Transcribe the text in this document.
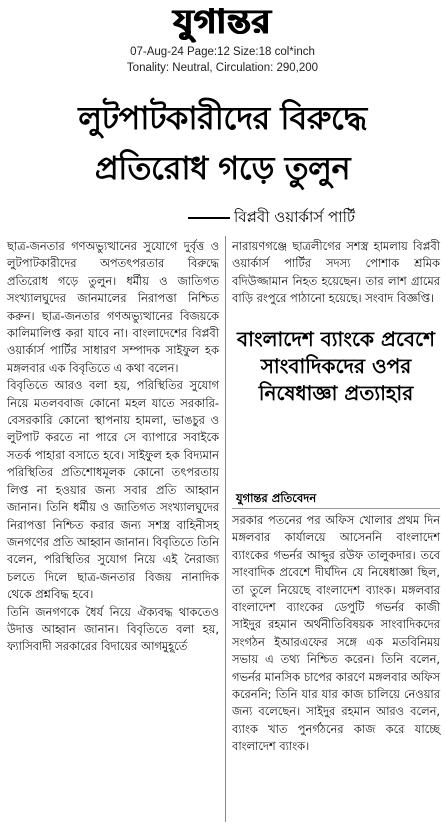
যুগান্তর
07-Aug-24 Page:12 Size:18 col*inch
Tonality: Neutral, Circulation: 290,200
লুটপাটকারীদের বিরুদ্ধে
প্রতিরোধ গড়ে তুলুন
বিপ্লবী ওয়ার্কার্স পার্টি

ছাত্র-জনতার গণঅভ্যুত্থানের সুযোগে দুর্বৃত্ত ও লুটপাটকারীদের অপতৎপরতার বিরুদ্ধে প্রতিরোধ গড়ে তুলুন। ধর্মীয় ও জাতিগত সংখ্যালঘুদের জানমালের নিরাপত্তা নিশ্চিত করুন। ছাত্র-জনতার গণঅভ্যুত্থানের বিজয়কে কালিমালিপ্ত করা যাবে না। বাংলাদেশের বিপ্লবী ওয়ার্কার্স পার্টির সাধারণ সম্পাদক সাইফুল হক মঙ্গলবার এক বিবৃতিতে এ কথা বলেন।

বিবৃতিতে আরও বলা হয়, পরিস্থিতির সুযোগ নিয়ে মতলববাজ কোনো মহল যাতে সরকারি-বেসরকারি কোনো স্থাপনায় হামলা, ভাঙচুর ও লুটপাট করতে না পারে সে ব্যাপারে সবাইকে সতর্ক পাহারা বসাতে হবে। সাইফুল হক বিদ্যমান পরিস্থিতির প্রতিশোধমূলক কোনো তৎপরতায় লিপ্ত না হওয়ার জন্য সবার প্রতি আহ্বান জানান। তিনি ধর্মীয় ও জাতিগত সংখ্যালঘুদের নিরাপত্তা নিশ্চিত করার জন্য সশস্ত্র বাহিনীসহ জনগণের প্রতি আহ্বান জানান। বিবৃতিতে তিনি বলেন, পরিস্থিতির সুযোগ নিয়ে এই নৈরাজ্য চলতে দিলে ছাত্র-জনতার বিজয় নানাদিক থেকে প্রশ্নবিদ্ধ হবে।

তিনি জনগণকে ধৈর্য নিয়ে ঐক্যবদ্ধ থাকতেও উদাত্ত আহ্বান জানান। বিবৃতিতে বলা হয়, ফ্যাসিবাদী সরকারের বিদায়ের আগমুহূর্তে

নারায়ণগঞ্জে ছাত্রলীগের সশস্ত্র হামলায় বিপ্লবী ওয়ার্কার্স পার্টির সদস্য পোশাক শ্রমিক বদিউজ্জামান নিহত হয়েছেন। তার লাশ গ্রামের বাড়ি রংপুরে পাঠানো হয়েছে। সংবাদ বিজ্ঞপ্তি।

বাংলাদেশ ব্যাংকে প্রবেশে সাংবাদিকদের ওপর নিষেধাজ্ঞা প্রত্যাহার
যুগান্তর প্রতিবেদন

সরকার পতনের পর অফিস খোলার প্রথম দিন মঙ্গলবার কার্যালয়ে আসেননি বাংলাদেশ ব্যাংকের গভর্নর আব্দুর রউফ তালুকদার। তবে সাংবাদিক প্রবেশে দীর্ঘদিন যে নিষেধাজ্ঞা ছিল, তা তুলে নিয়েছে বাংলাদেশ ব্যাংক। মঙ্গলবার বাংলাদেশ ব্যাংকের ডেপুটি গভর্নর কাজী সাইদুর রহমান অর্থনীতিবিষয়ক সাংবাদিকদের সংগঠন ইআরএফের সঙ্গে এক মতবিনিময় সভায় এ তথ্য নিশ্চিত করেন। তিনি বলেন, গভর্নর মানসিক চাপের কারণে মঙ্গলবার অফিস করেননি; তিনি যার যার কাজ চালিয়ে নেওয়ার জন্য বলেছেন। সাইদুর রহমান আরও বলেন, ব্যাংক খাত পুনর্গঠনের কাজ করে যাচ্ছে বাংলাদেশ ব্যাংক।
